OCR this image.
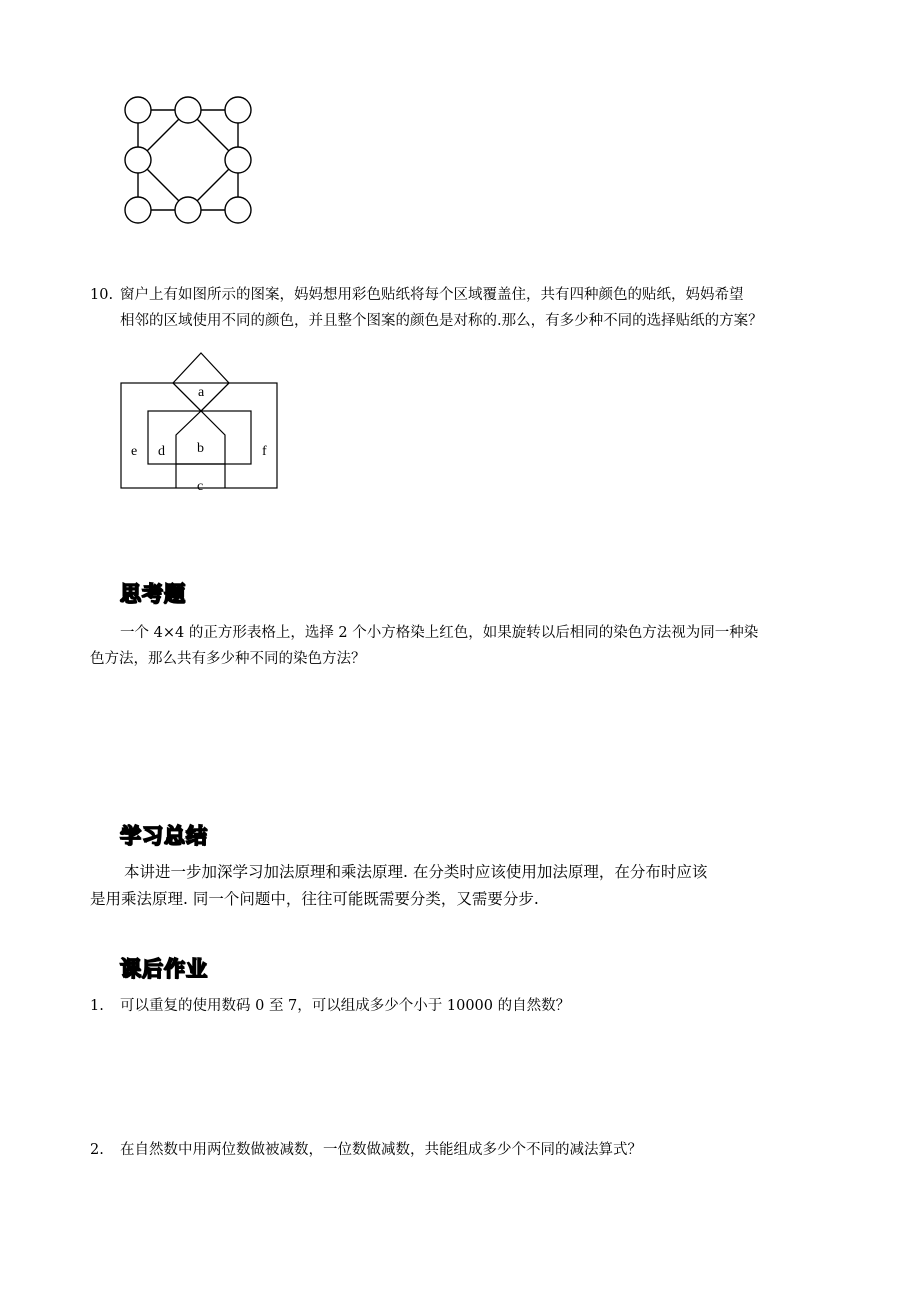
10. 窗户上有如图所示的图案，妈妈想用彩色贴纸将每个区域覆盖住，共有四种颜色的贴纸，妈妈希望
相邻的区域使用不同的颜色，并且整个图案的颜色是对称的.那么，有多少种不同的选择贴纸的方案？
a
b
c
d
e	f
思考题
一个 4×4 的正方形表格上，选择 2 个小方格染上红色，如果旋转以后相同的染色方法视为同一种染
色方法，那么共有多少种不同的染色方法？
学习总结
本讲进一步加深学习加法原理和乘法原理. 在分类时应该使用加法原理，在分布时应该
是用乘法原理. 同一个问题中，往往可能既需要分类，又需要分步.
课后作业
1. 可以重复的使用数码 0 至 7，可以组成多少个小于 10000 的自然数？
2. 在自然数中用两位数做被减数，一位数做减数，共能组成多少个不同的减法算式？
